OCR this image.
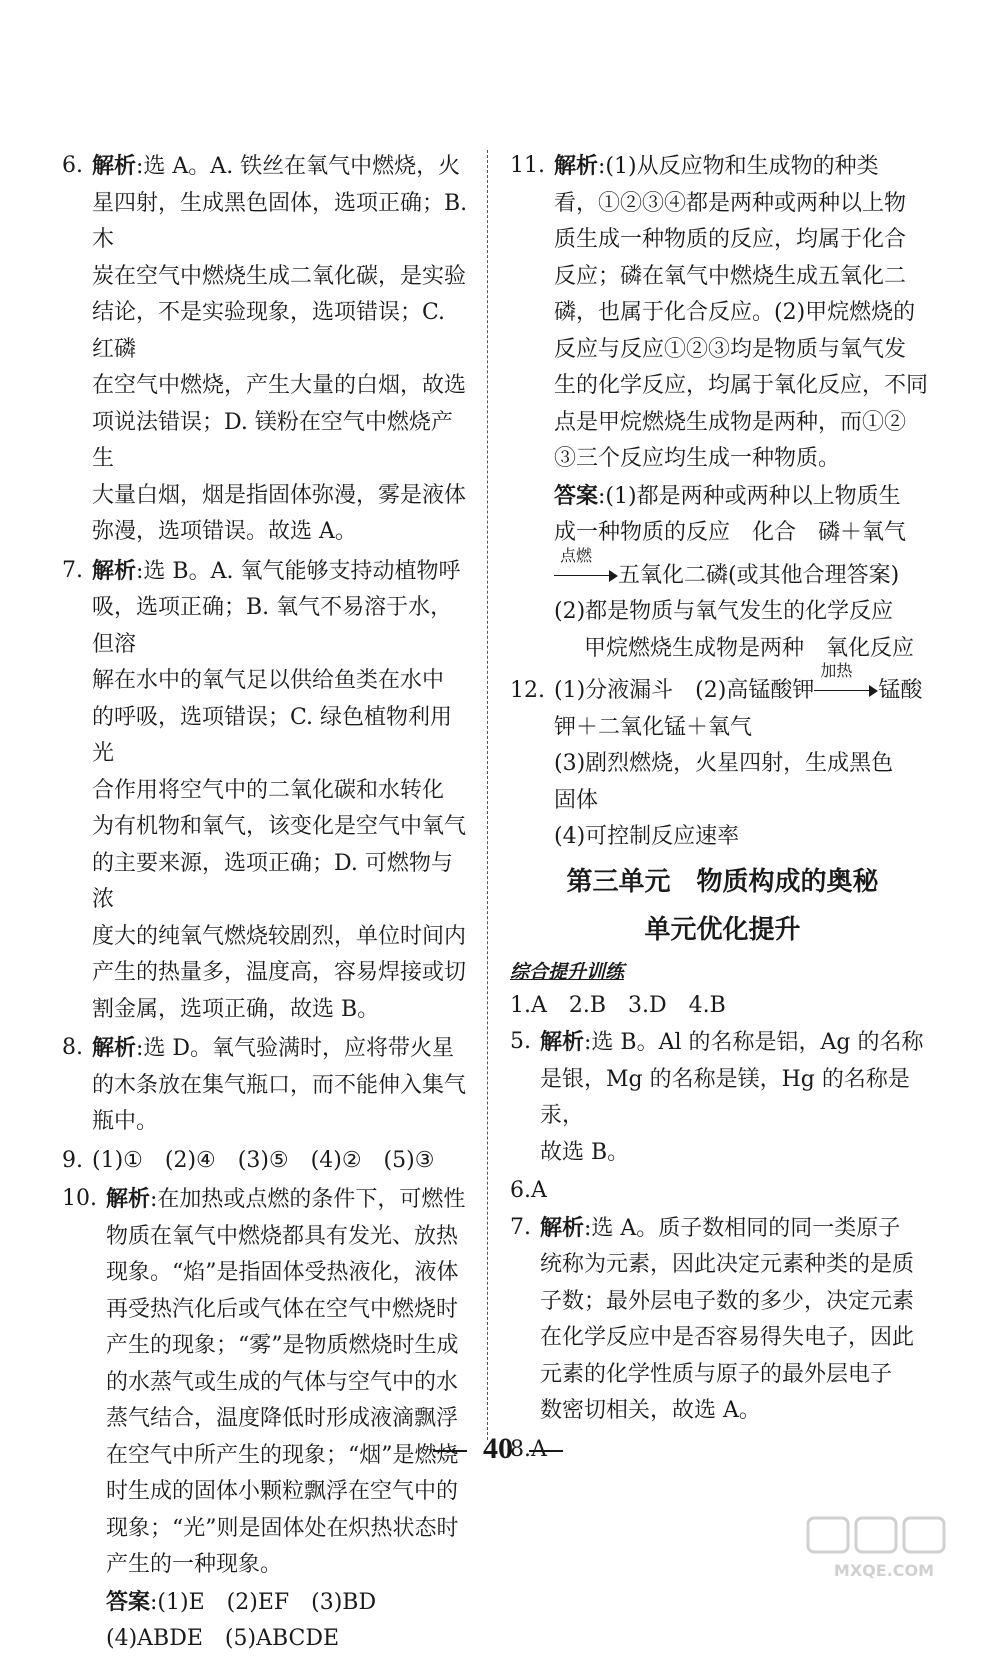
6. 解析:选 A。A. 铁丝在氧气中燃烧，火

星四射，生成黑色固体，选项正确；B. 木

炭在空气中燃烧生成二氧化碳，是实验

结论，不是实验现象，选项错误；C. 红磷

在空气中燃烧，产生大量的白烟，故选

项说法错误；D. 镁粉在空气中燃烧产生

大量白烟，烟是指固体弥漫，雾是液体

弥漫，选项错误。故选 A。

7. 解析:选 B。A. 氧气能够支持动植物呼

吸，选项正确；B. 氧气不易溶于水，但溶

解在水中的氧气足以供给鱼类在水中

的呼吸，选项错误；C. 绿色植物利用光

合作用将空气中的二氧化碳和水转化

为有机物和氧气，该变化是空气中氧气

的主要来源，选项正确；D. 可燃物与浓

度大的纯氧气燃烧较剧烈，单位时间内

产生的热量多，温度高，容易焊接或切

割金属，选项正确，故选 B。

8. 解析:选 D。氧气验满时，应将带火星

的木条放在集气瓶口，而不能伸入集气

瓶中。

9. (1)①　(2)④　(3)⑤　(4)②　(5)③

10. 解析:在加热或点燃的条件下，可燃性

物质在氧气中燃烧都具有发光、放热

现象。“焰”是指固体受热液化，液体

再受热汽化后或气体在空气中燃烧时

产生的现象；“雾”是物质燃烧时生成

的水蒸气或生成的气体与空气中的水

蒸气结合，温度降低时形成液滴飘浮

在空气中所产生的现象；“烟”是燃烧

时生成的固体小颗粒飘浮在空气中的

现象；“光”则是固体处在炽热状态时

产生的一种现象。

答案:(1)E　(2)EF　(3)BD

(4)ABDE　(5)ABCDE

11. 解析:(1)从反应物和生成物的种类

看，①②③④都是两种或两种以上物

质生成一种物质的反应，均属于化合

反应；磷在氧气中燃烧生成五氧化二

磷，也属于化合反应。(2)甲烷燃烧的

反应与反应①②③均是物质与氧气发

生的化学反应，均属于氧化反应，不同

点是甲烷燃烧生成物是两种，而①②

③三个反应均生成一种物质。

答案:(1)都是两种或两种以上物质生

成一种物质的反应　化合　磷＋氧气

点燃
五氧化二磷(或其他合理答案)

(2)都是物质与氧气发生的化学反应

甲烷燃烧生成物是两种　氧化反应

12. (1)分液漏斗　(2)高锰酸钾
加热
锰酸

钾＋二氧化锰＋氧气

(3)剧烈燃烧，火星四射，生成黑色

固体

(4)可控制反应速率

第三单元　物质构成的奥秘
单元优化提升
综合提升训练

1.A　2.B　3.D　4.B

5. 解析:选 B。Al 的名称是铝，Ag 的名称

是银，Mg 的名称是镁，Hg 的名称是汞，

故选 B。

6.A

7. 解析:选 A。质子数相同的同一类原子

统称为元素，因此决定元素种类的是质

子数；最外层电子数的多少，决定元素

在化学反应中是否容易得失电子，因此

元素的化学性质与原子的最外层电子

数密切相关，故选 A。

8.A

40
MXQE.COM
